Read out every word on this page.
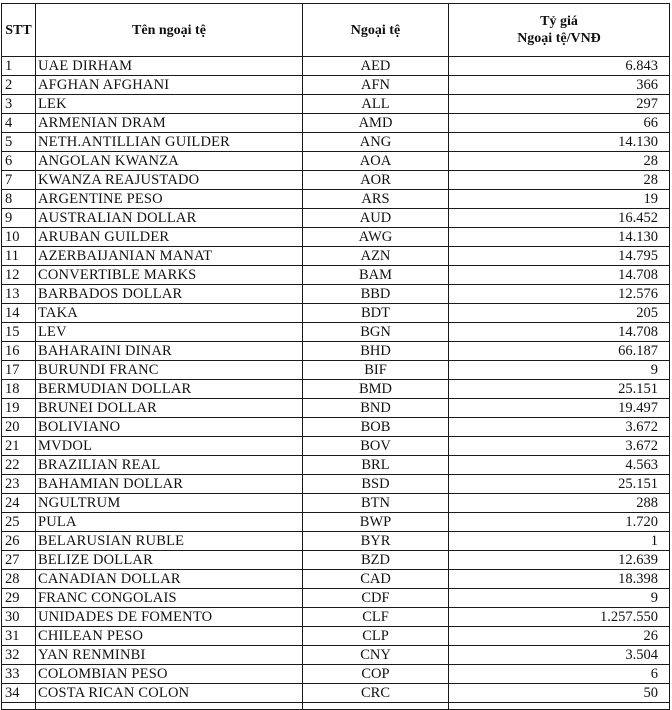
STT	Tên ngoại tệ	Ngoại tệ	Tỷ giá
Ngoại tệ/VNĐ

1	UAE DIRHAM	AED	6.843
2	AFGHAN AFGHANI	AFN	366
3	LEK	ALL	297
4	ARMENIAN DRAM	AMD	66
5	NETH.ANTILLIAN GUILDER	ANG	14.130
6	ANGOLAN KWANZA	AOA	28
7	KWANZA REAJUSTADO	AOR	28
8	ARGENTINE PESO	ARS	19
9	AUSTRALIAN DOLLAR	AUD	16.452
10	ARUBAN GUILDER	AWG	14.130
11	AZERBAIJANIAN MANAT	AZN	14.795
12	CONVERTIBLE MARKS	BAM	14.708
13	BARBADOS DOLLAR	BBD	12.576
14	TAKA	BDT	205
15	LEV	BGN	14.708
16	BAHARAINI DINAR	BHD	66.187
17	BURUNDI FRANC	BIF	9
18	BERMUDIAN DOLLAR	BMD	25.151
19	BRUNEI DOLLAR	BND	19.497
20	BOLIVIANO	BOB	3.672
21	MVDOL	BOV	3.672
22	BRAZILIAN REAL	BRL	4.563
23	BAHAMIAN DOLLAR	BSD	25.151
24	NGULTRUM	BTN	288
25	PULA	BWP	1.720
26	BELARUSIAN RUBLE	BYR	1
27	BELIZE DOLLAR	BZD	12.639
28	CANADIAN DOLLAR	CAD	18.398
29	FRANC CONGOLAIS	CDF	9
30	UNIDADES DE FOMENTO	CLF	1.257.550
31	CHILEAN PESO	CLP	26
32	YAN RENMINBI	CNY	3.504
33	COLOMBIAN PESO	COP	6
34	COSTA RICAN COLON	CRC	50
